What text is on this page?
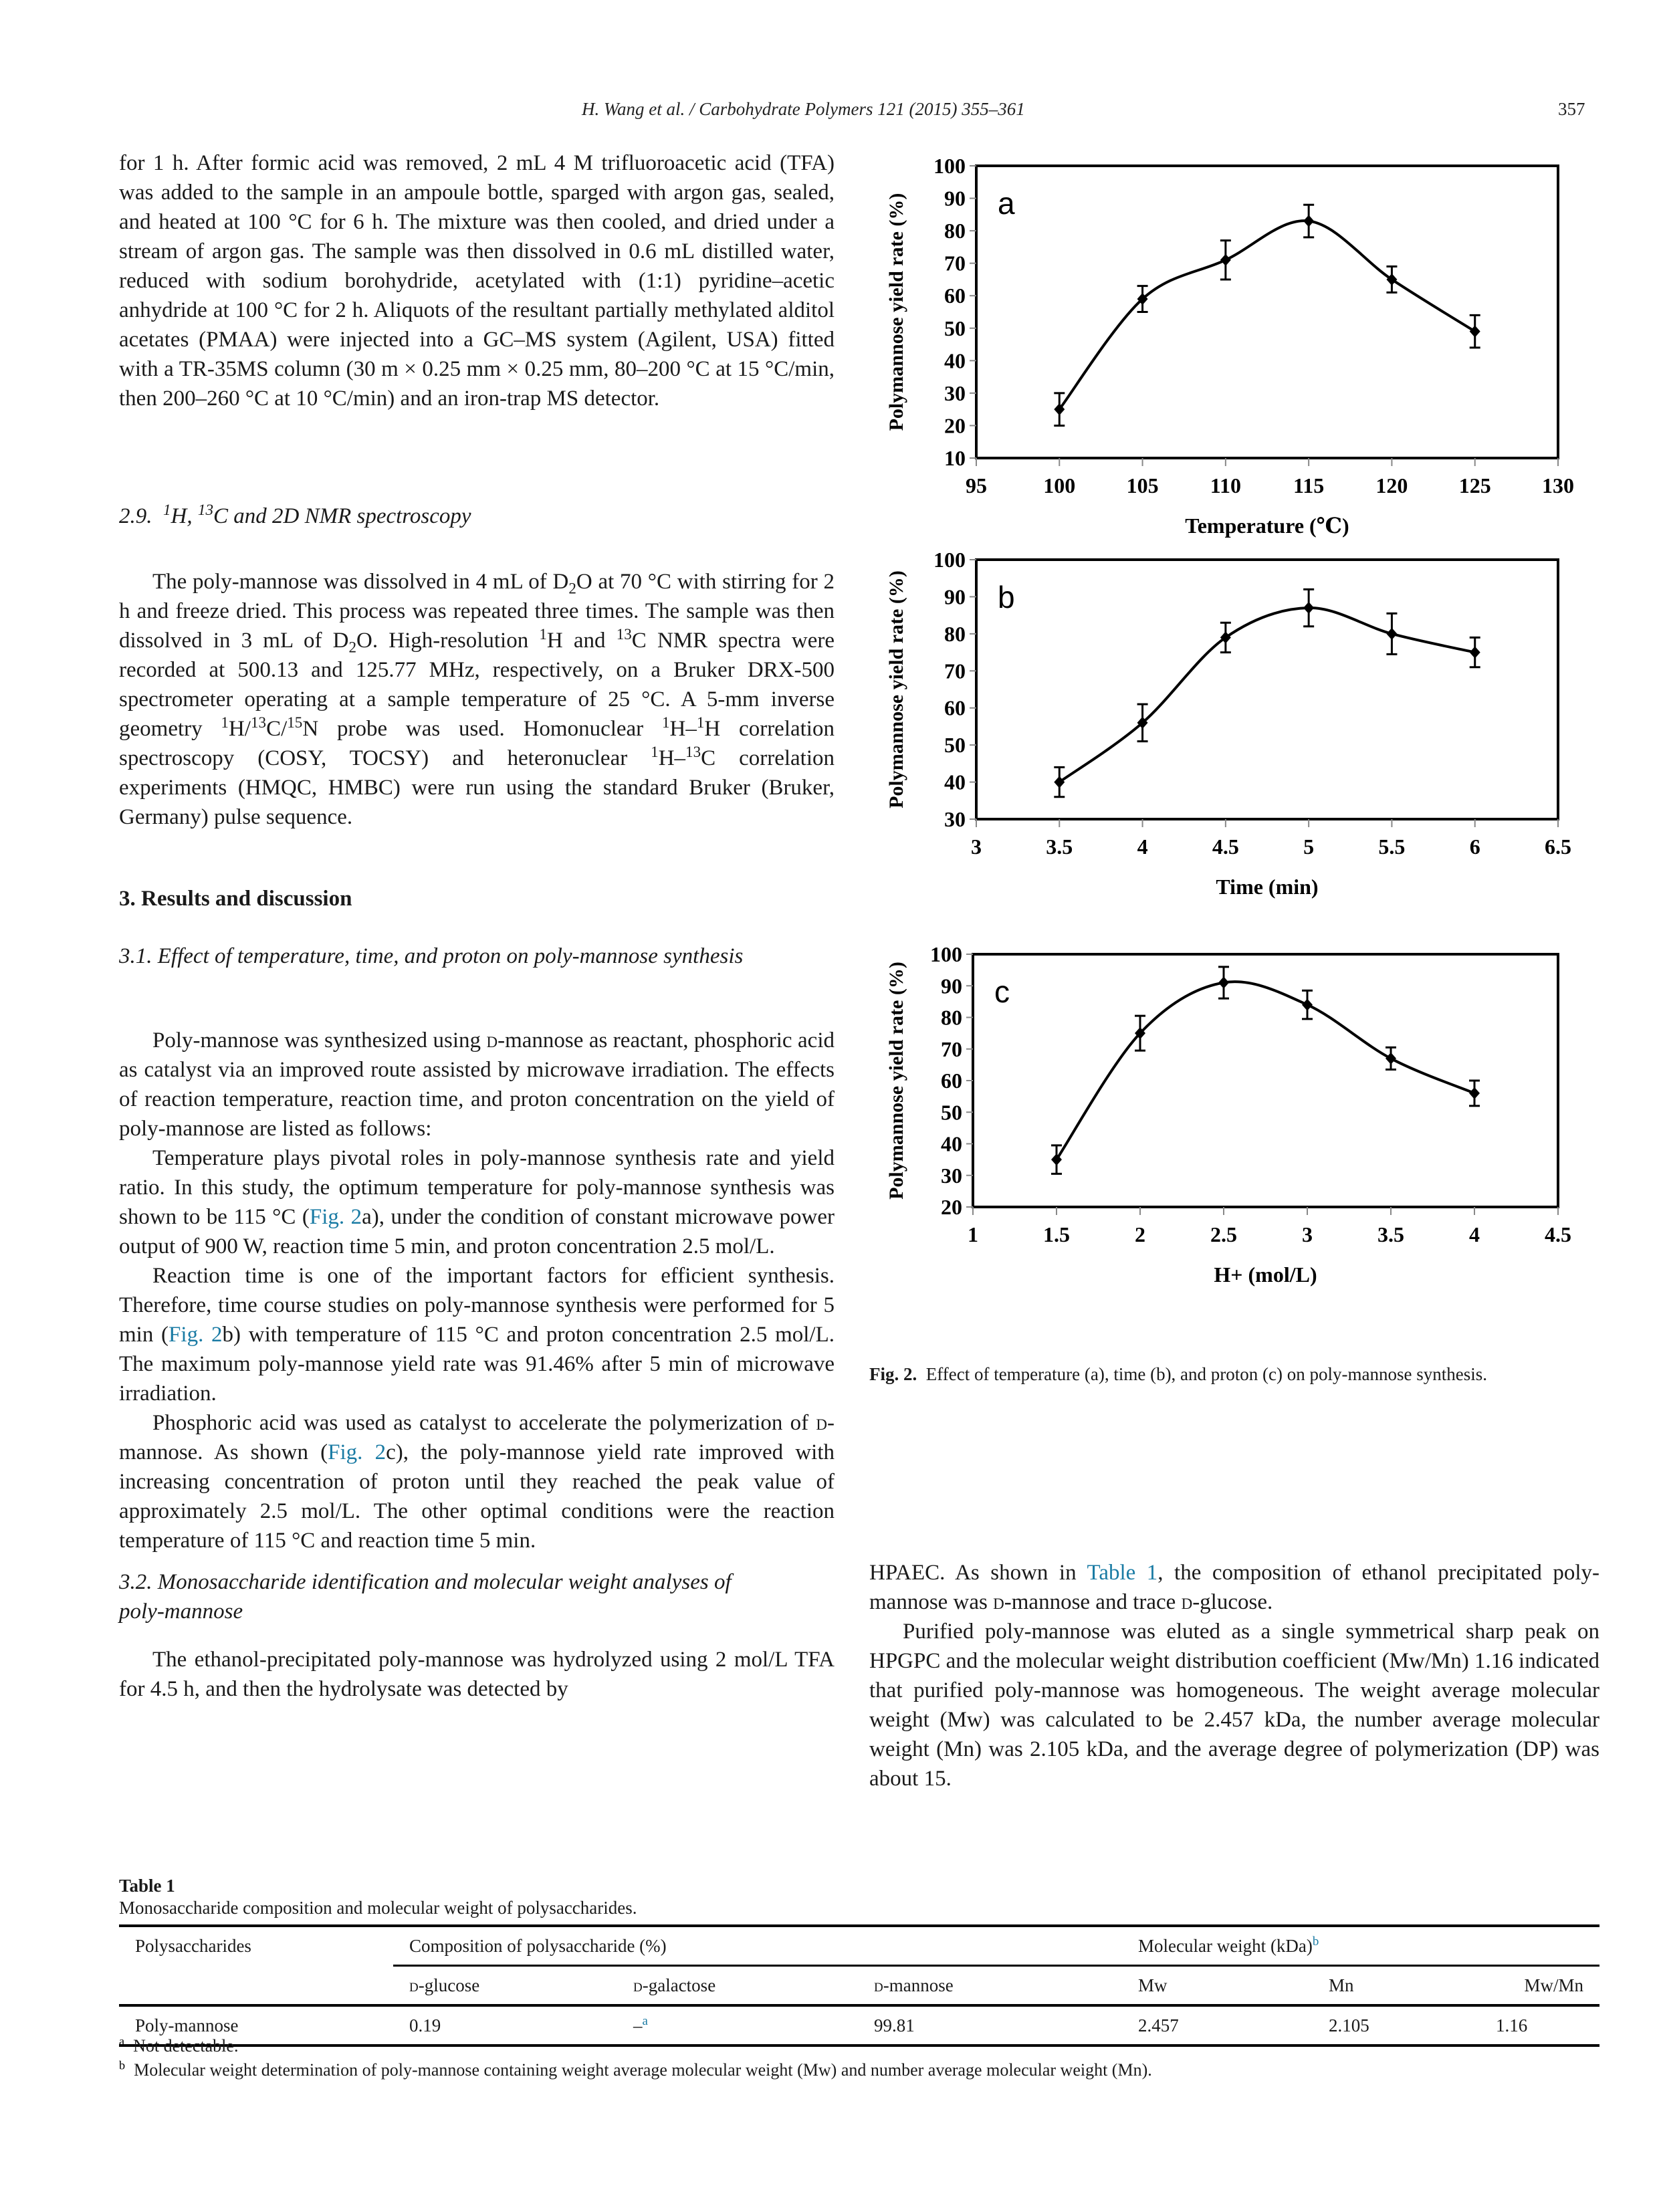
H. Wang et al. / Carbohydrate Polymers 121 (2015) 355–361	357

for 1 h. After formic acid was removed, 2 mL 4 M trifluoroacetic acid (TFA) was added to the sample in an ampoule bottle, sparged with argon gas, sealed, and heated at 100 °C for 6 h. The mixture was then cooled, and dried under a stream of argon gas. The sample was then dissolved in 0.6 mL distilled water, reduced with sodium borohydride, acetylated with (1:1) pyridine–acetic anhydride at 100 °C for 2 h. Aliquots of the resultant partially methylated alditol acetates (PMAA) were injected into a GC–MS system (Agilent, USA) fitted with a TR-35MS column (30 m × 0.25 mm × 0.25 mm, 80–200 °C at 15 °C/min, then 200–260 °C at 10 °C/min) and an iron-trap MS detector.

2.9. $^1$H, $^{13}$C and 2D NMR spectroscopy

The poly-mannose was dissolved in 4 mL of $D_2O$ at 70 °C with stirring for 2 h and freeze dried. This process was repeated three times. The sample was then dissolved in 3 mL of $D_2O$. High-resolution $^1$H and $^{13}$C NMR spectra were recorded at 500.13 and 125.77 MHz, respectively, on a Bruker DRX-500 spectrometer operating at a sample temperature of 25 °C. A 5-mm inverse geometry $^1$H/$^{13}$C/$^{15}$N probe was used. Homonuclear $^1$H–$^1$H correlation spectroscopy (COSY, TOCSY) and heteronuclear $^1$H–$^{13}$C correlation experiments (HMQC, HMBC) were run using the standard Bruker (Bruker, Germany) pulse sequence.

3. Results and discussion

3.1. Effect of temperature, time, and proton on poly-mannose synthesis

Poly-mannose was synthesized using d-mannose as reactant, phosphoric acid as catalyst via an improved route assisted by microwave irradiation. The effects of reaction temperature, reaction time, and proton concentration on the yield of poly-mannose are listed as follows:

Temperature plays pivotal roles in poly-mannose synthesis rate and yield ratio. In this study, the optimum temperature for poly-mannose synthesis was shown to be 115 °C (Fig. 2a), under the condition of constant microwave power output of 900 W, reaction time 5 min, and proton concentration 2.5 mol/L.

Reaction time is one of the important factors for efficient synthesis. Therefore, time course studies on poly-mannose synthesis were performed for 5 min (Fig. 2b) with temperature of 115 °C and proton concentration 2.5 mol/L. The maximum poly-mannose yield rate was 91.46% after 5 min of microwave irradiation.

Phosphoric acid was used as catalyst to accelerate the polymerization of d-mannose. As shown (Fig. 2c), the poly-mannose yield rate improved with increasing concentration of proton until they reached the peak value of approximately 2.5 mol/L. The other optimal conditions were the reaction temperature of 115 °C and reaction time 5 min.

3.2. Monosaccharide identification and molecular weight analyses of poly-mannose

The ethanol-precipitated poly-mannose was hydrolyzed using 2 mol/L TFA for 4.5 h, and then the hydrolysate was detected by

10
20
30
40
50
60
70
80
90
100
95	100 105 110 115 120 125 130
Temperature (℃)
Polymannose yield rate (%)	a
30
40
50
60
70
80
90
100
3	3.5	4	4.5	5	5.5	6	6.5
Time (min)
Polymannose yield rate (%)	b
20
30
40
50
60
70
80
90
100
1	1.5	2	2.5	3	3.5	4	4.5
H+ (mol/L)
Polymannose yield rate (%)	c
Fig. 2. Effect of temperature (a), time (b), and proton (c) on poly-mannose synthesis.

HPAEC. As shown in Table 1, the composition of ethanol precipitated poly-mannose was d-mannose and trace d-glucose.

Purified poly-mannose was eluted as a single symmetrical sharp peak on HPGPC and the molecular weight distribution coefficient (Mw/Mn) 1.16 indicated that purified poly-mannose was homogeneous. The weight average molecular weight (Mw) was calculated to be 2.457 kDa, the number average molecular weight (Mn) was 2.105 kDa, and the average degree of polymerization (DP) was about 15.

Table 1
Monosaccharide composition and molecular weight of polysaccharides.
Polysaccharides	Composition of polysaccharide (%)			Molecular weight (kDa)$^b$
	d-glucose	d-galactose	d-mannose	Mw	Mn	Mw/Mn
Poly-mannose	0.19	–$^a$	99.81	2.457	2.105	1.16
$^a$ Not detectable.
$^b$ Molecular weight determination of poly-mannose containing weight average molecular weight (Mw) and number average molecular weight (Mn).
